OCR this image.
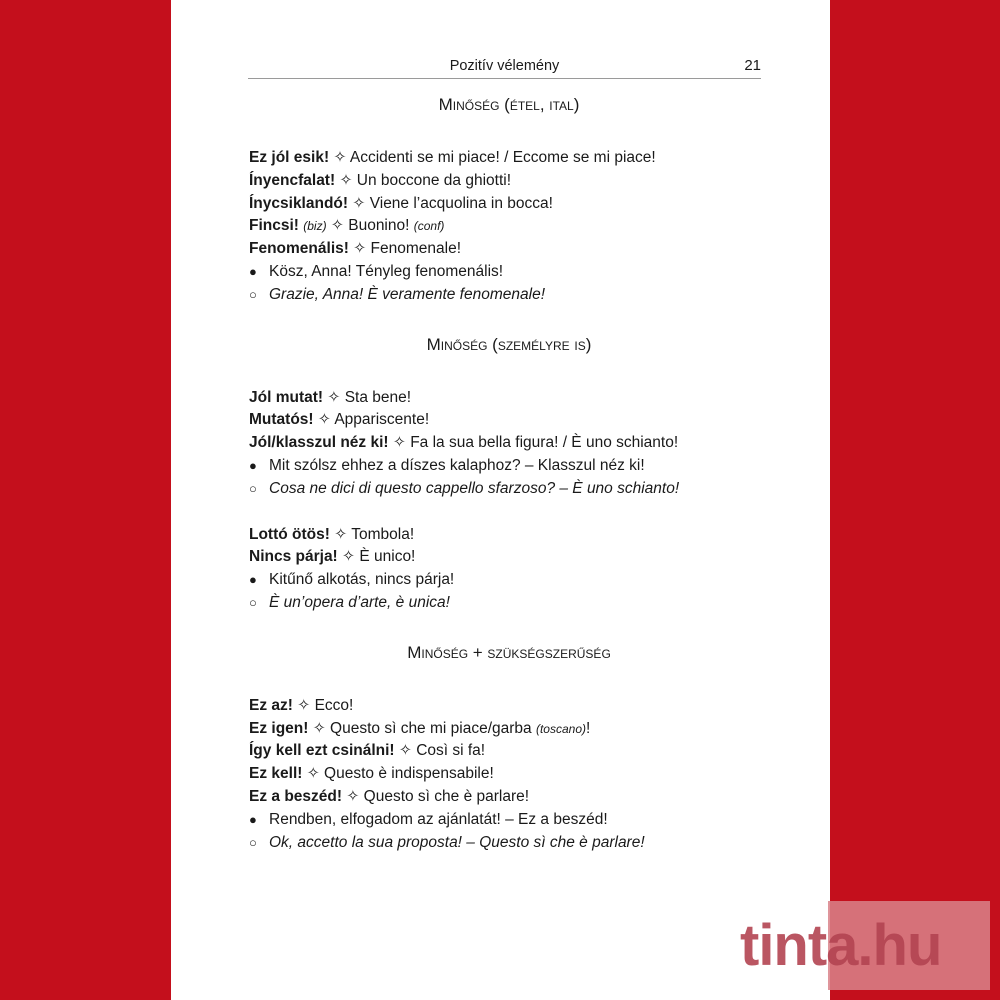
Pozitív vélemény	21
Minőség (étel, ital)
Ez jól esik! ✧ Accidenti se mi piace! / Eccome se mi piace!
Ínyencfalat! ✧ Un boccone da ghiotti!
Ínycsiklandó! ✧ Viene l’acquolina in bocca!
Fincsi! (biz) ✧ Buonino! (conf)
Fenomenális! ✧ Fenomenale!
● Kösz, Anna! Tényleg fenomenális!
○ Grazie, Anna! È veramente fenomenale!
Minőség (személyre is)
Jól mutat! ✧ Sta bene!
Mutatós! ✧ Appariscente!
Jól/klasszul néz ki! ✧ Fa la sua bella figura! / È uno schianto!
● Mit szólsz ehhez a díszes kalaphoz? – Klasszul néz ki!
○ Cosa ne dici di questo cappello sfarzoso? – È uno schianto!
Lottó ötös! ✧ Tombola!
Nincs párja! ✧ È unico!
● Kitűnő alkotás, nincs párja!
○ È un’opera d’arte, è unica!
Minőség + szükségszerűség
Ez az! ✧ Ecco!
Ez igen! ✧ Questo sì che mi piace/garba (toscano)!
Így kell ezt csinálni! ✧ Così si fa!
Ez kell! ✧ Questo è indispensabile!
Ez a beszéd! ✧ Questo sì che è parlare!
● Rendben, elfogadom az ajánlatát! – Ez a beszéd!
○ Ok, accetto la sua proposta! – Questo sì che è parlare!
tinta.hu
